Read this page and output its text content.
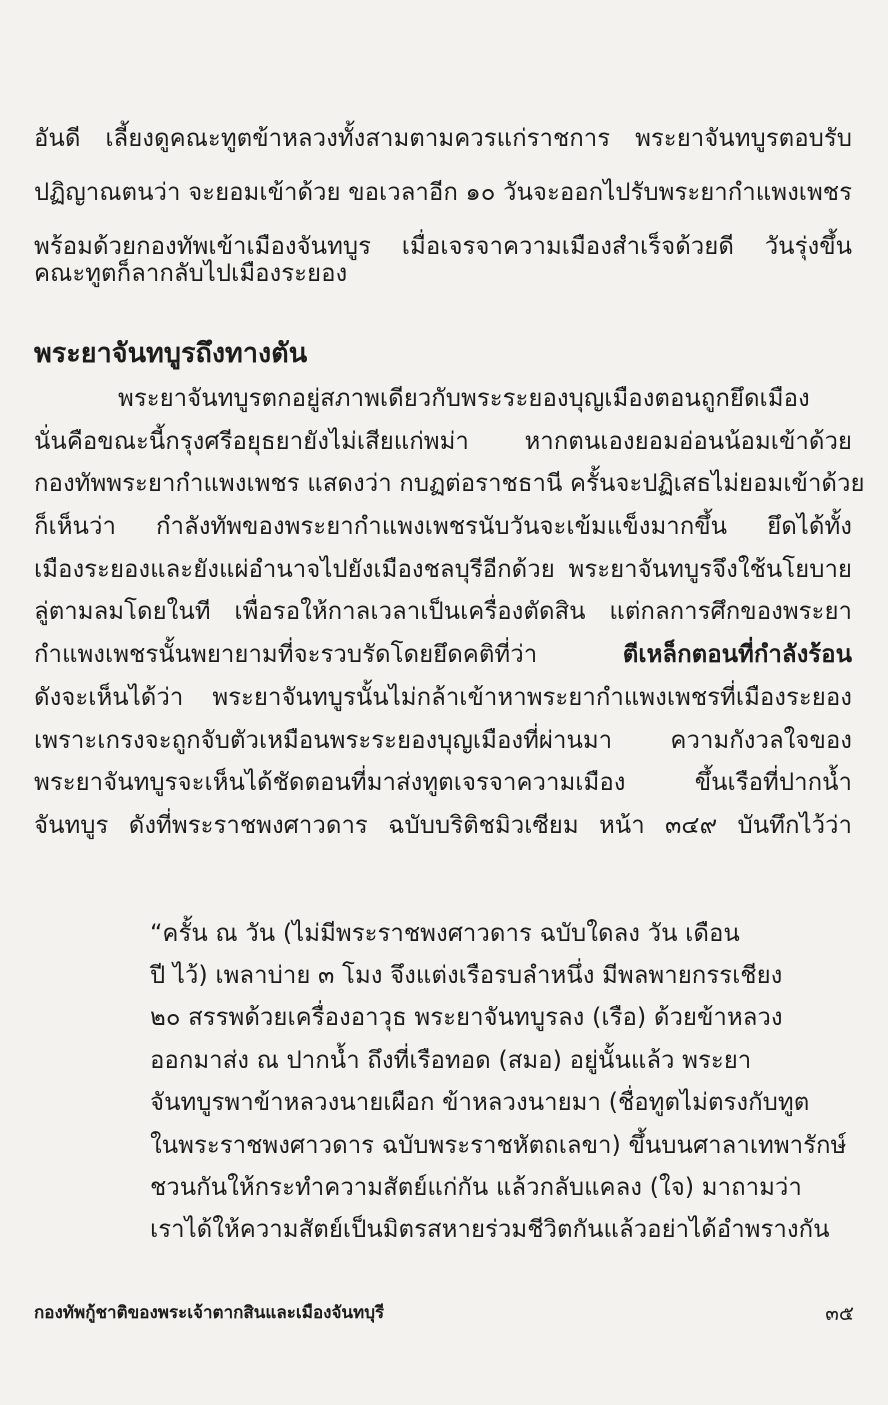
อันดี เลี้ยงดูคณะทูตข้าหลวงทั้งสามตามควรแก่ราชการ พระยาจันทบูรตอบรับ

ปฏิญาณตนว่า จะยอมเข้าด้วย ขอเวลาอีก ๑๐ วันจะออกไปรับพระยากำแพงเพชร

พร้อมด้วยกองทัพเข้าเมืองจันทบูร เมื่อเจรจาความเมืองสำเร็จด้วยดี วันรุ่งขึ้น

คณะทูตก็ลากลับไปเมืองระยอง

พระยาจันทบูรถึงทางตัน

พระยาจันทบูรตกอยู่สภาพเดียวกับพระระยองบุญเมืองตอนถูกยึดเมือง

นั่นคือขณะนี้กรุงศรีอยุธยายังไม่เสียแก่พม่า หากตนเองยอมอ่อนน้อมเข้าด้วย

กองทัพพระยากำแพงเพชร แสดงว่า กบฏต่อราชธานี ครั้นจะปฏิเสธไม่ยอมเข้าด้วย

ก็เห็นว่า กำลังทัพของพระยากำแพงเพชรนับวันจะเข้มแข็งมากขึ้น ยึดได้ทั้ง

เมืองระยองและยังแผ่อำนาจไปยังเมืองชลบุรีอีกด้วย พระยาจันทบูรจึงใช้นโยบาย

ลู่ตามลมโดยในที เพื่อรอให้กาลเวลาเป็นเครื่องตัดสิน แต่กลการศึกของพระยา

กำแพงเพชรนั้นพยายามที่จะรวบรัดโดยยึดคติที่ว่า	ตีเหล็กตอนที่กำลังร้อน

ดังจะเห็นได้ว่า พระยาจันทบูรนั้นไม่กล้าเข้าหาพระยากำแพงเพชรที่เมืองระยอง

เพราะเกรงจะถูกจับตัวเหมือนพระระยองบุญเมืองที่ผ่านมา ความกังวลใจของ

พระยาจันทบูรจะเห็นได้ชัดตอนที่มาส่งทูตเจรจาความเมือง ขึ้นเรือที่ปากน้ำ

จันทบูร ดังที่พระราชพงศาวดาร ฉบับบริติชมิวเซียม หน้า ๓๔๙ บันทึกไว้ว่า

“ครั้น ณ วัน (ไม่มีพระราชพงศาวดาร ฉบับใดลง วัน เดือน

ปี ไว้) เพลาบ่าย ๓ โมง จึงแต่งเรือรบลำหนึ่ง มีพลพายกรรเชียง

๒๐ สรรพด้วยเครื่องอาวุธ พระยาจันทบูรลง (เรือ) ด้วยข้าหลวง

ออกมาส่ง ณ ปากน้ำ ถึงที่เรือทอด (สมอ) อยู่นั้นแล้ว พระยา

จันทบูรพาข้าหลวงนายเผือก ข้าหลวงนายมา (ชื่อทูตไม่ตรงกับทูต

ในพระราชพงศาวดาร ฉบับพระราชหัตถเลขา) ขึ้นบนศาลาเทพารักษ์

ชวนกันให้กระทำความสัตย์แก่กัน แล้วกลับแคลง (ใจ) มาถามว่า

เราได้ให้ความสัตย์เป็นมิตรสหายร่วมชีวิตกันแล้วอย่าได้อำพรางกัน

กองทัพกู้ชาติของพระเจ้าตากสินและเมืองจันทบุรี	๓๕
